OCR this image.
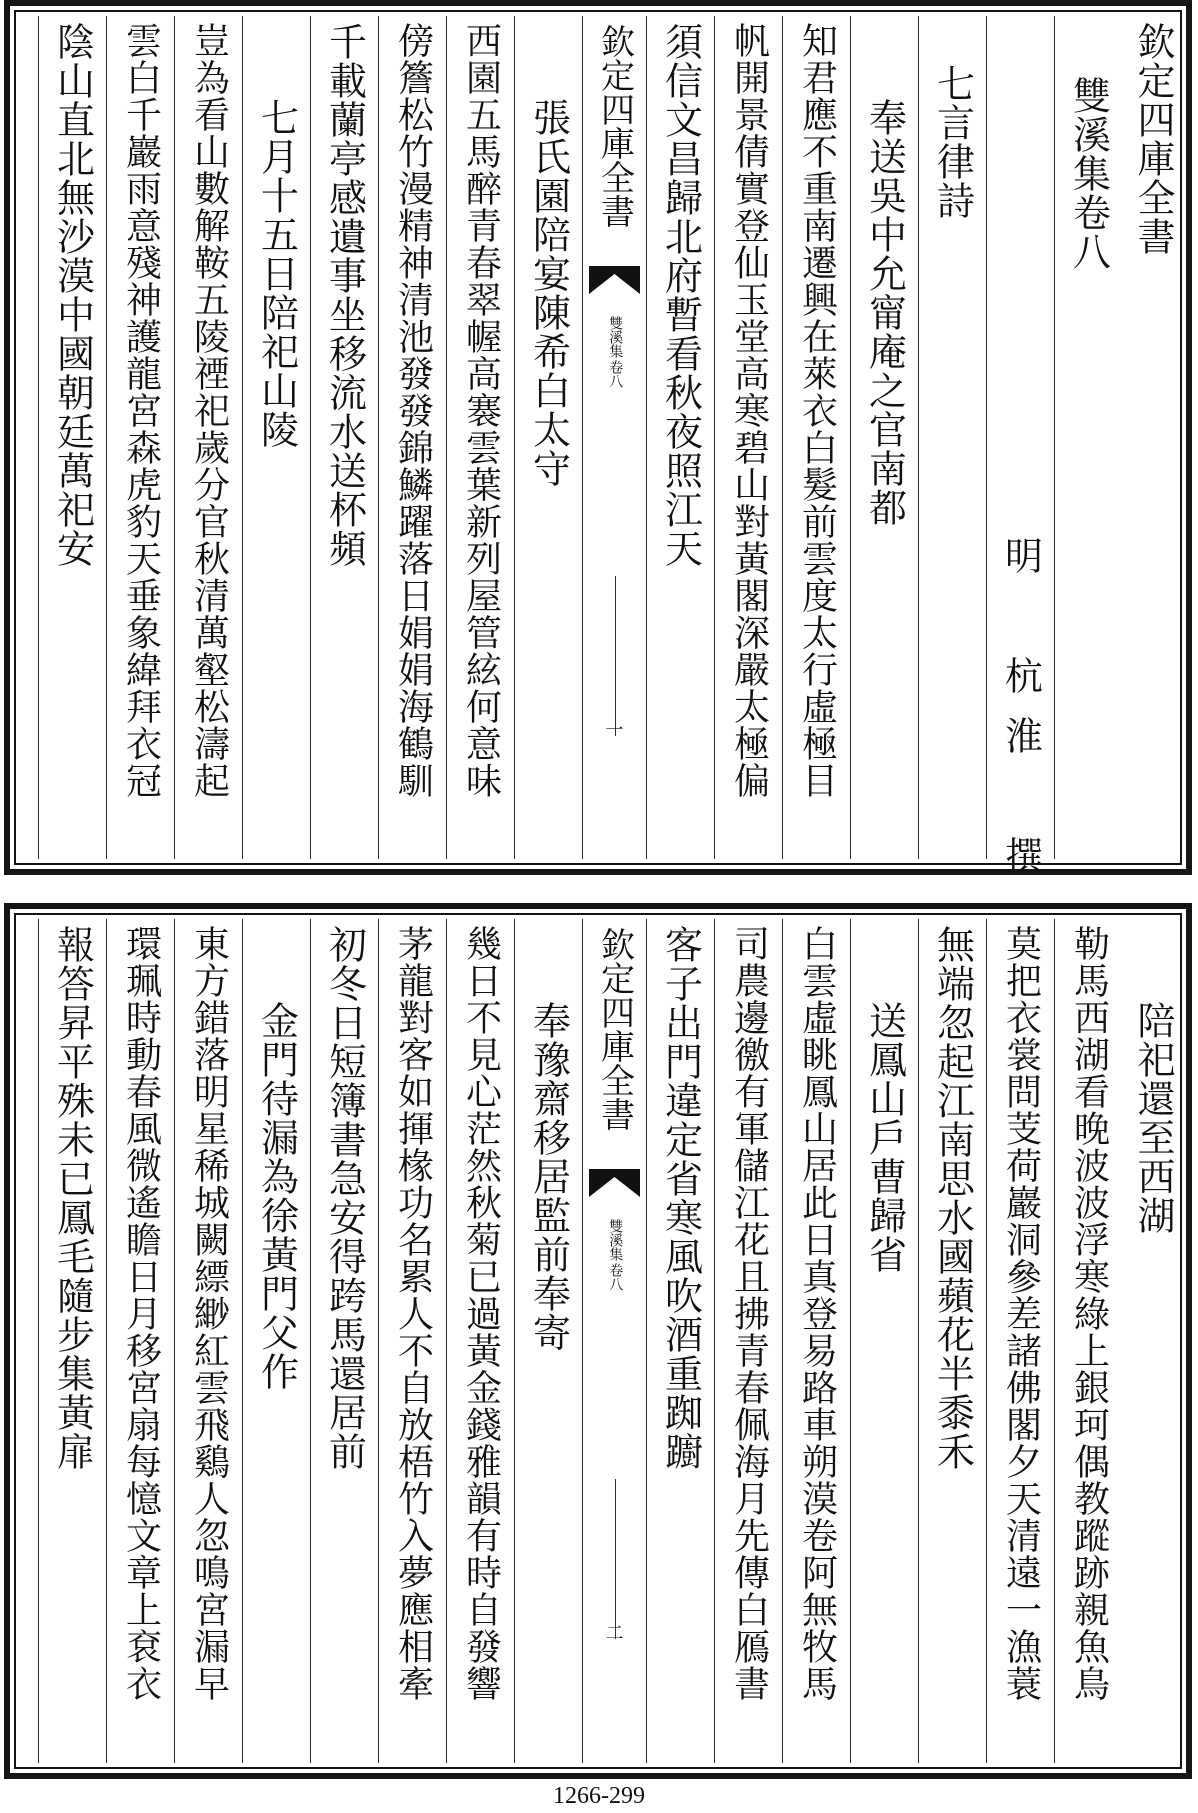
欽定四庫全書
雙溪集卷八
明　杭淮　撰
七言律詩
奉送吳中允甯庵之官南都
知君應不重南遷興在萊衣白髮前雲度太行虛極目
帆開景倩實登仙玉堂高寒碧山對黃閣深嚴太極偏
須信文昌歸北府暫看秋夜照江天
欽定四庫全書
雙溪集
卷八
一
張氏園陪宴陳希白太守
西園五馬醉青春翠幄高褰雲葉新列屋管絃何意味
傍簷松竹漫精神清池發發錦鱗躍落日娟娟海鶴馴
千載蘭亭感遺事坐移流水送杯頻
七月十五日陪祀山陵
豈為看山數解鞍五陵禋祀歲分官秋清萬壑松濤起
雲白千巖雨意殘神護龍宮森虎豹天垂象緯拜衣冠
陰山直北無沙漠中國朝廷萬祀安
陪祀還至西湖
勒馬西湖看晚波波浮寒綠上銀珂偶教蹤跡親魚鳥
莫把衣裳問芰荷巖洞參差諸佛閣夕天清遠一漁蓑
無端忽起江南思水國蘋花半黍禾
送鳳山戶曹歸省
白雲虛眺鳳山居此日真登易路車朔漠卷阿無牧馬
司農邊徼有軍儲江花且拂青春佩海月先傳白鴈書
客子出門違定省寒風吹酒重踟躕
欽定四庫全書
雙溪集
卷八
二
奉豫齋移居監前奉寄
幾日不見心茫然秋菊已過黃金錢雅韻有時自發響
茅龍對客如揮椽功名累人不自放梧竹入夢應相牽
初冬日短簿書急安得跨馬還居前
金門待漏為徐黃門父作
東方錯落明星稀城闕縹緲紅雲飛鷄人忽鳴宮漏早
環珮時動春風微遙瞻日月移宮扇每憶文章上袞衣
報答昇平殊未已鳳毛隨步集黃扉
1266-299
